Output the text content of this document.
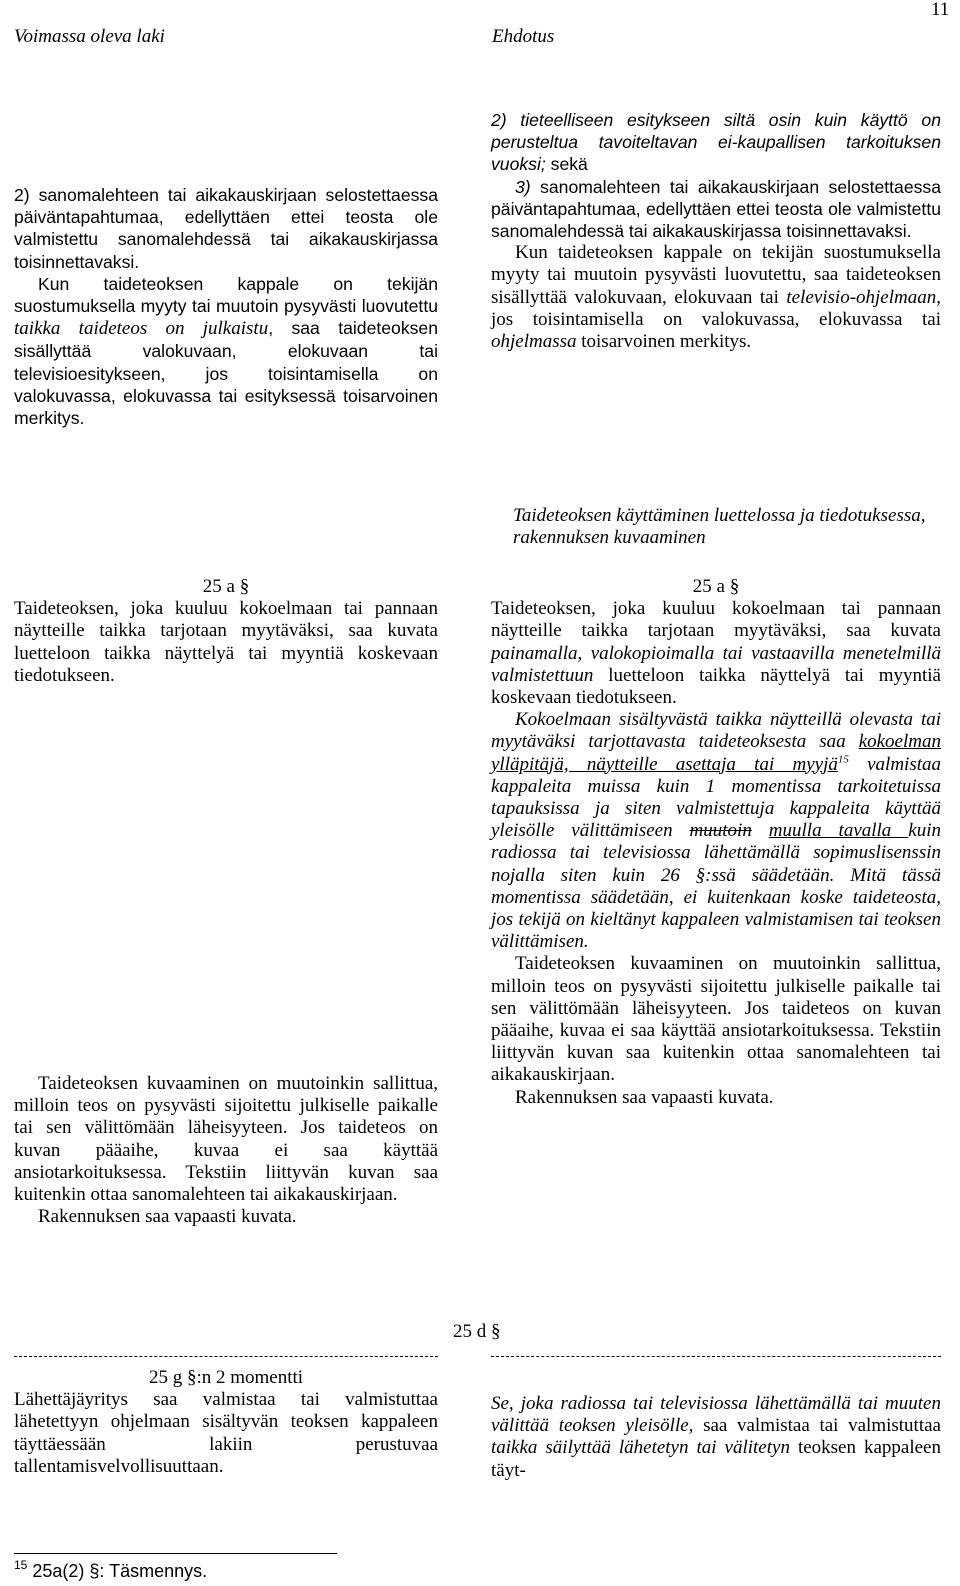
Voimassa oleva laki	Ehdotus
11

2) sanomalehteen tai aikakauskirjaan selostettaessa päiväntapahtumaa, edellyttäen ettei teosta ole valmistettu sanomalehdessä tai aikakauskirjassa toisinnettavaksi.

Kun taideteoksen kappale on tekijän suostumuksella myyty tai muutoin pysyvästi luovutettu taikka taideteos on julkaistu, saa taideteoksen sisällyttää valokuvaan, elokuvaan tai televisioesitykseen, jos toisintamisella on valokuvassa, elokuvassa tai esityksessä toisarvoinen merkitys.

25 a §

Taideteoksen, joka kuuluu kokoelmaan tai pannaan näytteille taikka tarjotaan myytäväksi, saa kuvata luetteloon taikka näyttelyä tai myyntiä koskevaan tiedotukseen.

Taideteoksen kuvaaminen on muutoinkin sallittua, milloin teos on pysyvästi sijoitettu julkiselle paikalle tai sen välittömään läheisyyteen. Jos taideteos on kuvan pääaihe, kuvaa ei saa käyttää ansiotarkoituksessa. Tekstiin liittyvän kuvan saa kuitenkin ottaa sanomalehteen tai aikakauskirjaan.

Rakennuksen saa vapaasti kuvata.

25 g §:n 2 momentti

Lähettäjäyritys saa valmistaa tai valmistuttaa lähetettyyn ohjelmaan sisältyvän teoksen kappaleen täyttäessään lakiin perustuvaa tallentamisvelvollisuuttaan.

2) tieteelliseen esitykseen siltä osin kuin käyttö on perusteltua tavoiteltavan ei-kaupallisen tarkoituksen vuoksi; sekä

3) sanomalehteen tai aikakauskirjaan selostettaessa päiväntapahtumaa, edellyttäen ettei teosta ole valmistettu sanomalehdessä tai aikakauskirjassa toisinnettavaksi.

Kun taideteoksen kappale on tekijän suostumuksella myyty tai muutoin pysyvästi luovutettu, saa taideteoksen sisällyttää valokuvaan, elokuvaan tai televisio-ohjelmaan, jos toisintamisella on valokuvassa, elokuvassa tai ohjelmassa toisarvoinen merkitys.

Taideteoksen käyttäminen luettelossa ja tiedotuksessa, rakennuksen kuvaaminen

25 a §

Taideteoksen, joka kuuluu kokoelmaan tai pannaan näytteille taikka tarjotaan myytäväksi, saa kuvata painamalla, valokopioimalla tai vastaavilla menetelmillä valmistettuun luetteloon taikka näyttelyä tai myyntiä koskevaan tiedotukseen.

Kokoelmaan sisältyvästä taikka näytteillä olevasta tai myytäväksi tarjottavasta taideteoksesta saa kokoelman ylläpitäjä, näytteille asettaja tai myyjä$^{15}$ valmistaa kappaleita muissa kuin 1 momentissa tarkoitetuissa tapauksissa ja siten valmistettuja kappaleita käyttää yleisölle välittämiseen muutoin muulla tavalla kuin radiossa tai televisiossa lähettämällä sopimuslisenssin nojalla siten kuin 26 §:ssä säädetään. Mitä tässä momentissa säädetään, ei kuitenkaan koske taideteosta, jos tekijä on kieltänyt kappaleen valmistamisen tai teoksen välittämisen.

Taideteoksen kuvaaminen on muutoinkin sallittua, milloin teos on pysyvästi sijoitettu julkiselle paikalle tai sen välittömään läheisyyteen. Jos taideteos on kuvan pääaihe, kuvaa ei saa käyttää ansiotarkoituksessa. Tekstiin liittyvän kuvan saa kuitenkin ottaa sanomalehteen tai aikakauskirjaan.

Rakennuksen saa vapaasti kuvata.

25 d §

Se, joka radiossa tai televisiossa lähettämällä tai muuten välittää teoksen yleisölle, saa valmistaa tai valmistuttaa taikka säilyttää lähetetyn tai välitetyn teoksen kappaleen täyt-

$^{15}$ 25a(2) §: Täsmennys.
